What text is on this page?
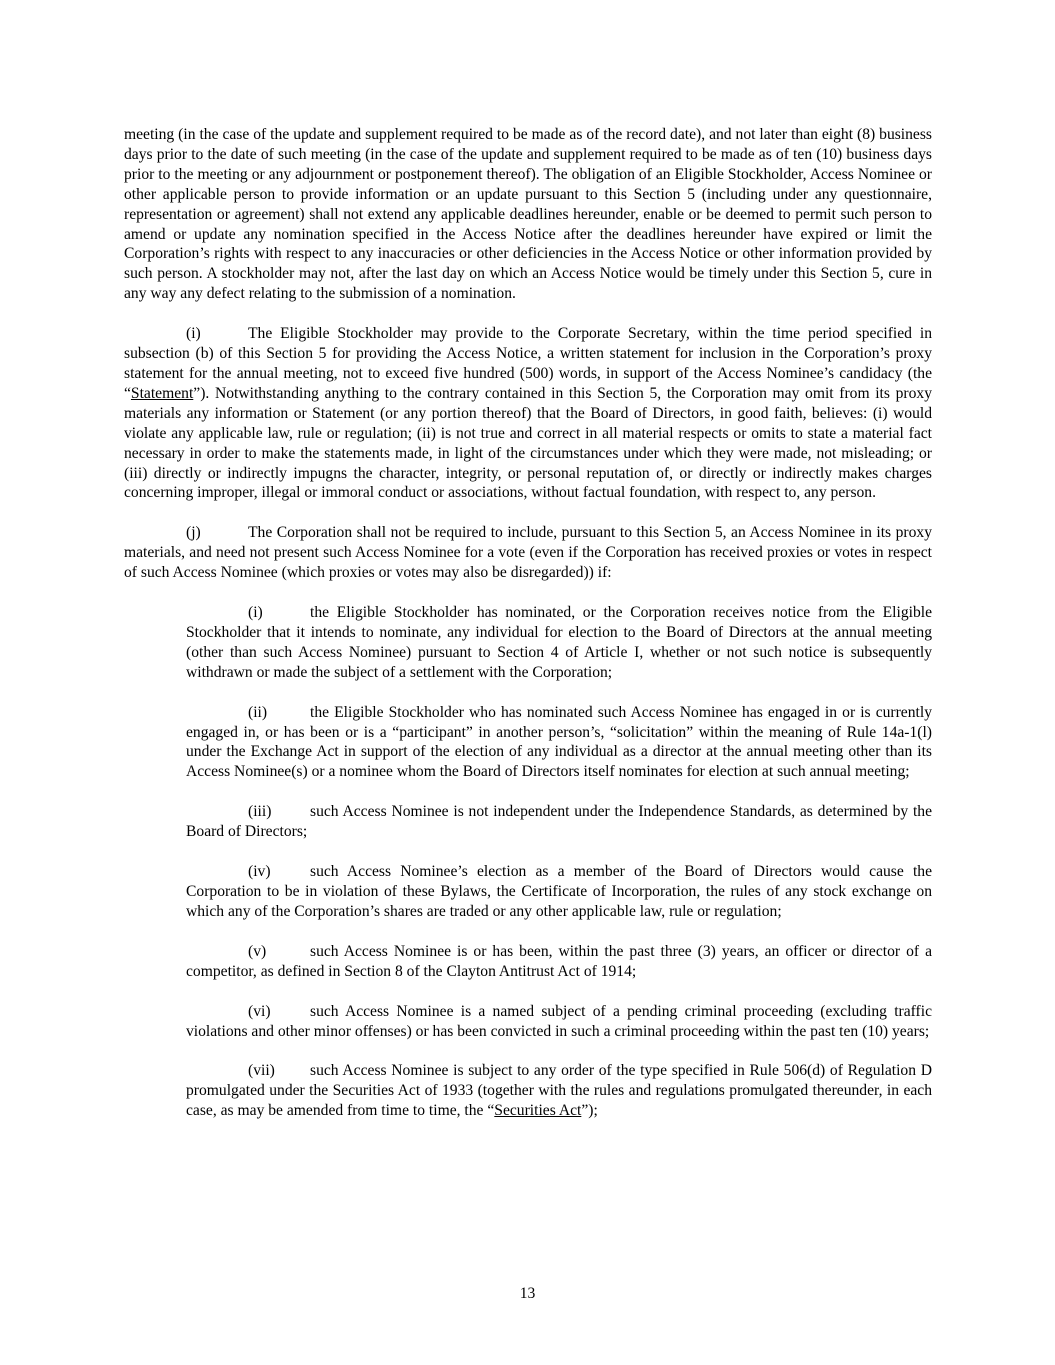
meeting (in the case of the update and supplement required to be made as of the record date), and not later than eight (8) business days prior to the date of such meeting (in the case of the update and supplement required to be made as of ten (10) business days prior to the meeting or any adjournment or postponement thereof). The obligation of an Eligible Stockholder, Access Nominee or other applicable person to provide information or an update pursuant to this Section 5 (including under any questionnaire, representation or agreement) shall not extend any applicable deadlines hereunder, enable or be deemed to permit such person to amend or update any nomination specified in the Access Notice after the deadlines hereunder have expired or limit the Corporation’s rights with respect to any inaccuracies or other deficiencies in the Access Notice or other information provided by such person. A stockholder may not, after the last day on which an Access Notice would be timely under this Section 5, cure in any way any defect relating to the submission of a nomination.

(i)	The Eligible Stockholder may provide to the Corporate Secretary, within the time period specified in subsection (b) of this Section 5 for providing the Access Notice, a written statement for inclusion in the Corporation’s proxy statement for the annual meeting, not to exceed five hundred (500) words, in support of the Access Nominee’s candidacy (the “Statement”). Notwithstanding anything to the contrary contained in this Section 5, the Corporation may omit from its proxy materials any information or Statement (or any portion thereof) that the Board of Directors, in good faith, believes: (i) would violate any applicable law, rule or regulation; (ii) is not true and correct in all material respects or omits to state a material fact necessary in order to make the statements made, in light of the circumstances under which they were made, not misleading; or (iii) directly or indirectly impugns the character, integrity, or personal reputation of, or directly or indirectly makes charges concerning improper, illegal or immoral conduct or associations, without factual foundation, with respect to, any person.

(j)	The Corporation shall not be required to include, pursuant to this Section 5, an Access Nominee in its proxy materials, and need not present such Access Nominee for a vote (even if the Corporation has received proxies or votes in respect of such Access Nominee (which proxies or votes may also be disregarded)) if:

(i)	the Eligible Stockholder has nominated, or the Corporation receives notice from the Eligible Stockholder that it intends to nominate, any individual for election to the Board of Directors at the annual meeting (other than such Access Nominee) pursuant to Section 4 of Article I, whether or not such notice is subsequently withdrawn or made the subject of a settlement with the Corporation;

(ii)	the Eligible Stockholder who has nominated such Access Nominee has engaged in or is currently engaged in, or has been or is a “participant” in another person’s, “solicitation” within the meaning of Rule 14a-1(l) under the Exchange Act in support of the election of any individual as a director at the annual meeting other than its Access Nominee(s) or a nominee whom the Board of Directors itself nominates for election at such annual meeting;

(iii) such Access Nominee is not independent under the Independence Standards, as determined by the Board of Directors;

(iv)	such Access Nominee’s election as a member of the Board of Directors would cause the Corporation to be in violation of these Bylaws, the Certificate of Incorporation, the rules of any stock exchange on which any of the Corporation’s shares are traded or any other applicable law, rule or regulation;

(v)	such Access Nominee is or has been, within the past three (3) years, an officer or director of a competitor, as defined in Section 8 of the Clayton Antitrust Act of 1914;

(vi)	such Access Nominee is a named subject of a pending criminal proceeding (excluding traffic violations and other minor offenses) or has been convicted in such a criminal proceeding within the past ten (10) years;

(vii) such Access Nominee is subject to any order of the type specified in Rule 506(d) of Regulation D promulgated under the Securities Act of 1933 (together with the rules and regulations promulgated thereunder, in each case, as may be amended from time to time, the “Securities Act”);

13
